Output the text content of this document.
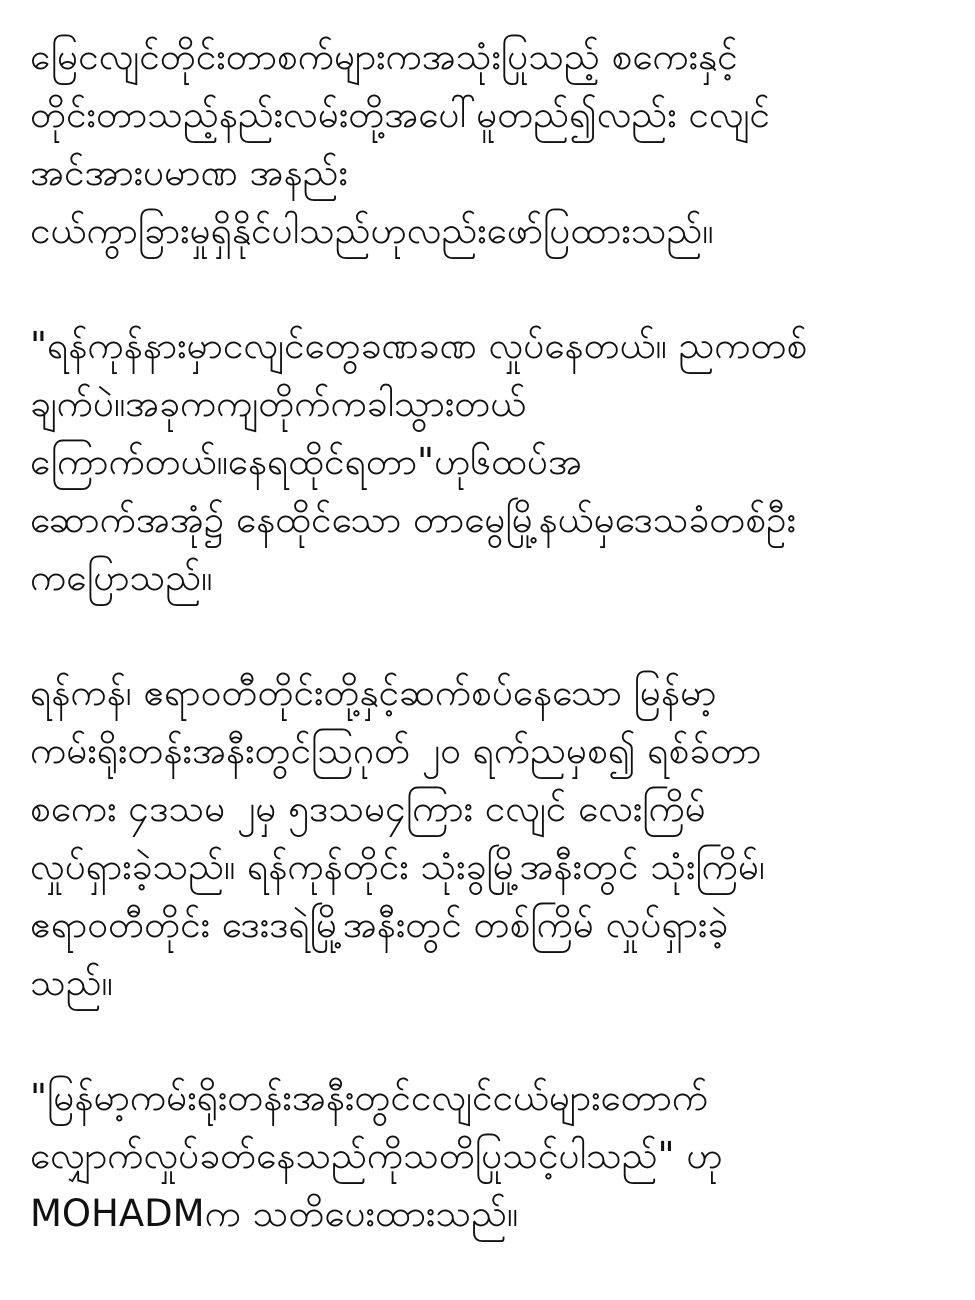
မြေငလျင်တိုင်းတာစက်များကအသုံးပြုသည့် စကေးနှင့်
တိုင်းတာသည့်နည်းလမ်းတို့အပေါ်မူတည်၍လည်း ငလျင်
အင်အားပမာဏ အနည်း
ငယ်ကွာခြားမှုရှိနိုင်ပါသည်ဟုလည်းဖော်ပြထားသည်။
"ရန်ကုန်နားမှာငလျင်တွေခဏခဏ လှုပ်နေတယ်။ ညကတစ်
ချက်ပဲ။အခုကကျတိုက်ကခါသွားတယ်
ကြောက်တယ်။နေရထိုင်ရတာ"ဟု၆ထပ်အ
ဆောက်အအုံ၌ နေထိုင်သော တာမွေမြို့နယ်မှဒေသခံတစ်ဦး
ကပြောသည်။
ရန်ကန်၊ ဧရာဝတီတိုင်းတို့နှင့်ဆက်စပ်နေသော မြန်မာ့
ကမ်းရိုးတန်းအနီးတွင်ဩဂုတ် ၂၀ ရက်ညမှစ၍ ရစ်ခ်တာ
စကေး ၄ဒသမ ၂မှ ၅ဒသမ၄ကြား ငလျင် လေးကြိမ်
လှုပ်ရှားခဲ့သည်။ ရန်ကုန်တိုင်း သုံးခွမြို့အနီးတွင် သုံးကြိမ်၊
ဧရာဝတီတိုင်း ဒေးဒရဲမြို့အနီးတွင် တစ်ကြိမ် လှုပ်ရှားခဲ့
သည်။
"မြန်မာ့ကမ်းရိုးတန်းအနီးတွင်ငလျင်ငယ်များတောက်
လျှောက်လှုပ်ခတ်နေသည်ကိုသတိပြုသင့်ပါသည်" ဟု
MOHADMက သတိပေးထားသည်။
